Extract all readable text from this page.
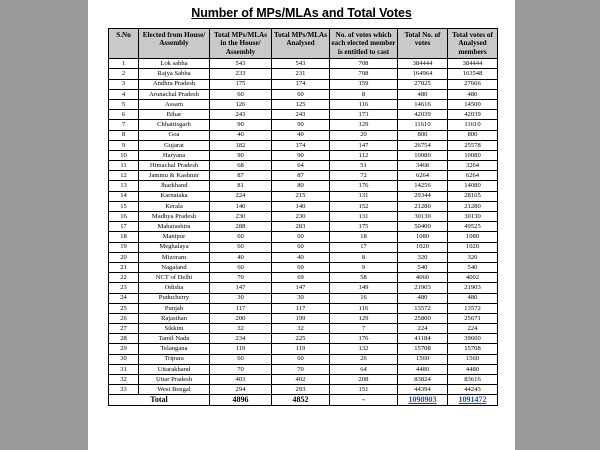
Number of MPs/MLAs and Total Votes
S.No	Elected from House/ Assembly	Total MPs/MLAs in the House/ Assembly	Total MPs/MLAs Analysed	No. of votes which each elected member is entitled to cast	Total No. of votes	Total votes of Analysed members
1	Lok sabha	543	543	708	384444	384444
2	Rajya Sabha	233	231	708	164964	163548
3	Andhra Pradesh	175	174	159	27825	27666
4	Arunachal Pradesh	60	60	8	480	480
5	Assam	126	125	116	14616	14500
6	Bihar	243	243	173	42039	42039
7	Chhattisgarh	90	90	129	11610	11610
8	Goa	40	40	20	800	800
9	Gujarat	182	174	147	26754	25578
10	Haryana	90	90	112	10080	10080
11	Himachal Pradesh	68	64	51	3468	3264
12	Jammu & Kashmir	87	87	72	6264	6264
13	Jharkhand	81	80	176	14256	14080
14	Karnataka	224	215	131	29344	28165
15	Kerala	140	140	152	21280	21280
16	Madhya Pradesh	230	230	131	30130	30130
17	Maharashtra	288	283	175	50400	49525
18	Manipur	60	60	18	1080	1080
19	Meghalaya	60	60	17	1020	1020
20	Mizoram	40	40	8	320	320
21	Nagaland	60	60	9	540	540
22	NCT of Delhi	70	69	58	4060	4002
23	Odisha	147	147	149	21903	21903
24	Puducherry	30	30	16	480	480
25	Punjab	117	117	116	13572	13572
26	Rajasthan	200	199	129	25800	25671
27	Sikkim	32	32	7	224	224
28	Tamil Nadu	234	225	176	41184	39600
29	Telangana	119	119	132	15708	15708
30	Tripura	60	60	26	1560	1560
31	Uttarakhand	70	70	64	4480	4480
32	Uttar Pradesh	403	402	208	83824	83616
33	West Bengal	294	293	151	44394	44243
Total		4896	4852	-	1098903	1091472
